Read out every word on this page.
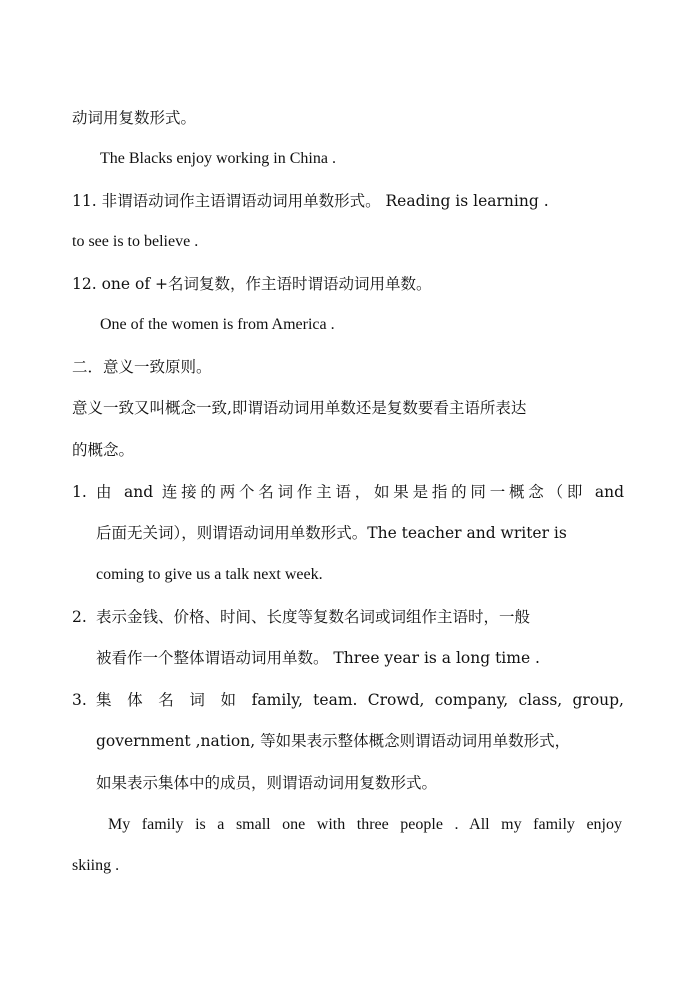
动词用复数形式。
The Blacks enjoy working in China .
11. 非谓语动词作主语谓语动词用单数形式。 Reading is learning .
to see is to believe .
12. one of +名词复数，作主语时谓语动词用单数。
One of the women is from America .
二．意义一致原则。
意义一致又叫概念一致,即谓语动词用单数还是复数要看主语所表达
的概念。
1. 由 and 连接的两个名词作主语，如果是指的同一概念（即 and
后面无关词），则谓语动词用单数形式。The teacher and writer is
coming to give us a talk next week.
2. 表示金钱、价格、时间、长度等复数名词或词组作主语时，一般
被看作一个整体谓语动词用单数。 Three year is a long time .
3. 集 体 名 词 如 family, team. Crowd, company, class, group,
government ,nation, 等如果表示整体概念则谓语动词用单数形式，
如果表示集体中的成员，则谓语动词用复数形式。
My family is a small one with three people . All my family enjoy
skiing .
